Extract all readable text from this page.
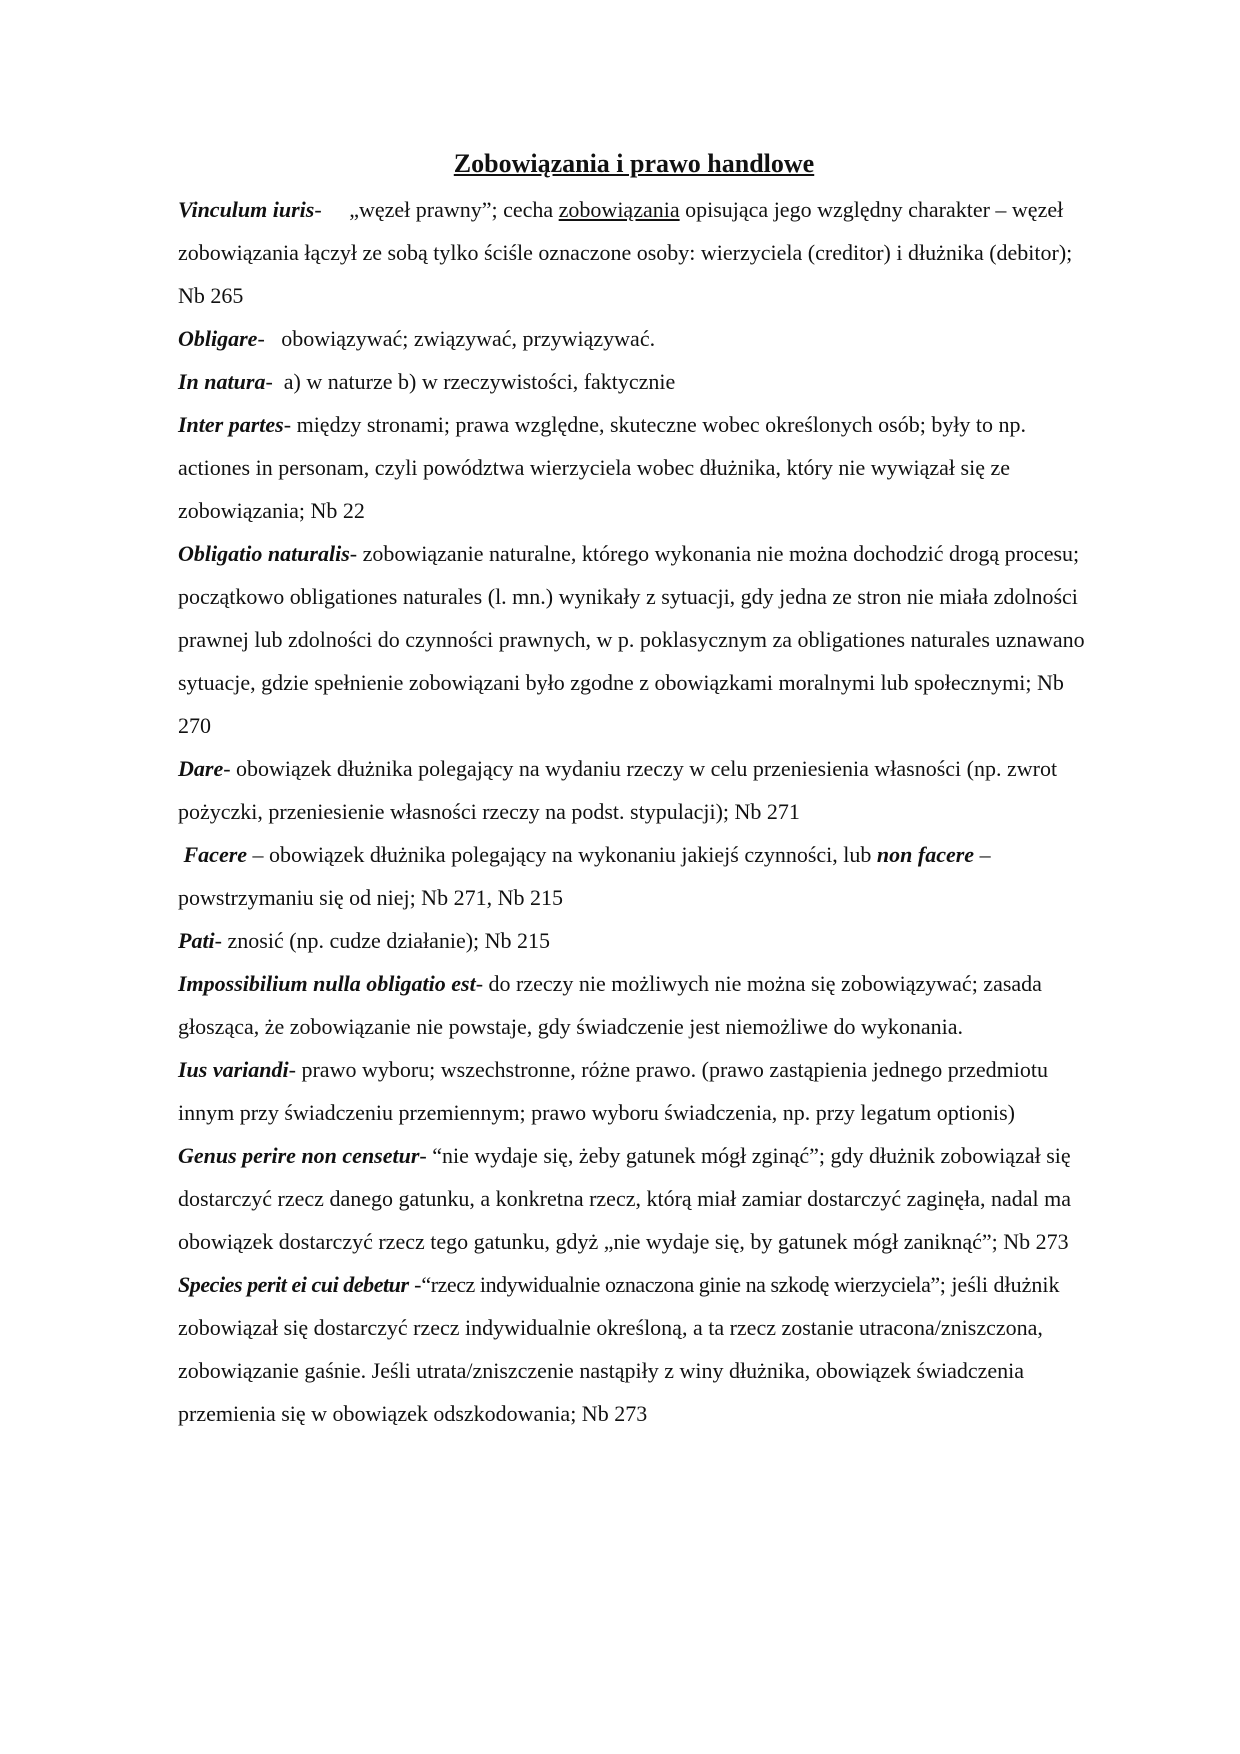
Zobowiązania i prawo handlowe

Vinculum iuris-     „węzeł prawny”; cecha zobowiązania opisująca jego względny charakter – węzeł zobowiązania łączył ze sobą tylko ściśle oznaczone osoby: wierzyciela (creditor) i dłużnika (debitor); Nb 265

Obligare-   obowiązywać; związywać, przywiązywać.

In natura-  a) w naturze b) w rzeczywistości, faktycznie

Inter partes- między stronami; prawa względne, skuteczne wobec określonych osób; były to np. actiones in personam, czyli powództwa wierzyciela wobec dłużnika, który nie wywiązał się ze zobowiązania; Nb 22

Obligatio naturalis- zobowiązanie naturalne, którego wykonania nie można dochodzić drogą procesu; początkowo obligationes naturales (l. mn.) wynikały z sytuacji, gdy jedna ze stron nie miała zdolności prawnej lub zdolności do czynności prawnych, w p. poklasycznym za obligationes naturales uznawano sytuacje, gdzie spełnienie zobowiązani było zgodne z obowiązkami moralnymi lub społecznymi; Nb 270

Dare- obowiązek dłużnika polegający na wydaniu rzeczy w celu przeniesienia własności (np. zwrot pożyczki, przeniesienie własności rzeczy na podst. stypulacji); Nb 271

Facere – obowiązek dłużnika polegający na wykonaniu jakiejś czynności, lub non facere – powstrzymaniu się od niej; Nb 271, Nb 215

Pati- znosić (np. cudze działanie); Nb 215

Impossibilium nulla obligatio est- do rzeczy nie możliwych nie można się zobowiązywać; zasada głosząca, że zobowiązanie nie powstaje, gdy świadczenie jest niemożliwe do wykonania.

Ius variandi- prawo wyboru; wszechstronne, różne prawo. (prawo zastąpienia jednego przedmiotu innym przy świadczeniu przemiennym; prawo wyboru świadczenia, np. przy legatum optionis)

Genus perire non censetur- “nie wydaje się, żeby gatunek mógł zginąć”; gdy dłużnik zobowiązał się dostarczyć rzecz danego gatunku, a konkretna rzecz, którą miał zamiar dostarczyć zaginęła, nadal ma obowiązek dostarczyć rzecz tego gatunku, gdyż „nie wydaje się, by gatunek mógł zaniknąć”; Nb 273

Species perit ei cui debetur -“rzecz indywidualnie oznaczona ginie na szkodę wierzyciela”; jeśli dłużnik zobowiązał się dostarczyć rzecz indywidualnie określoną, a ta rzecz zostanie utracona/zniszczona, zobowiązanie gaśnie. Jeśli utrata/zniszczenie nastąpiły z winy dłużnika, obowiązek świadczenia przemienia się w obowiązek odszkodowania; Nb 273
